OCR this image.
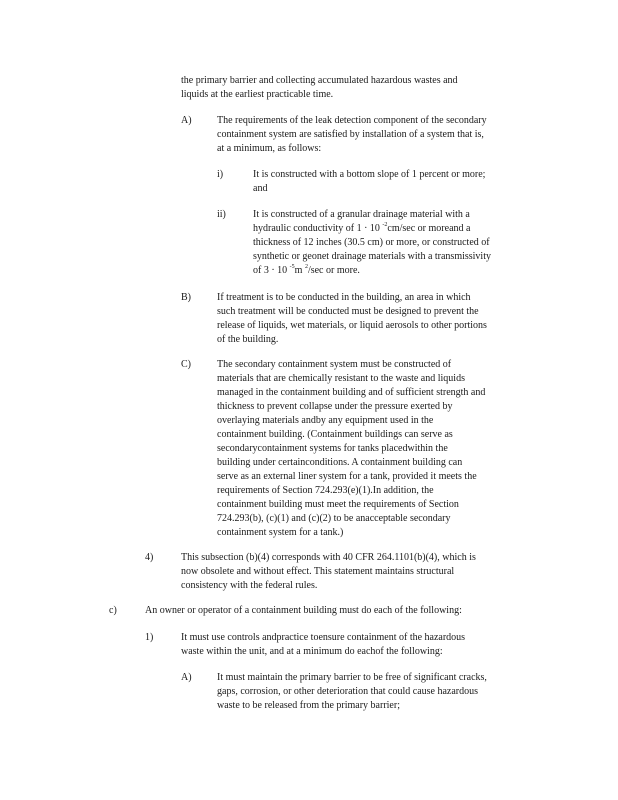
the primary barrier and collecting accumulated hazardous wastes and
liquids at the earliest practicable time.
A)	The requirements of the leak detection component of the secondary
containment system are satisfied by installation of a system that is,
at a minimum, as follows:
i)	It is constructed with a bottom slope of 1 percent or more;
and
ii)	It is constructed of a granular drainage material with a
hydraulic conductivity of 1 · 10 $^{-2}$cm/sec or moreand a
thickness of 12 inches (30.5 cm) or more, or constructed of
synthetic or geonet drainage materials with a transmissivity
of 3 · 10 $^{-5}$m $^2$/sec or more.
B)	If treatment is to be conducted in the building, an area in which
such treatment will be conducted must be designed to prevent the
release of liquids, wet materials, or liquid aerosols to other portions
of the building.
C)	The secondary containment system must be constructed of
materials that are chemically resistant to the waste and liquids
managed in the containment building and of sufficient strength and
thickness to prevent collapse under the pressure exerted by
overlaying materials andby any equipment used in the
containment building. (Containment buildings can serve as
secondarycontainment systems for tanks placedwithin the
building under certainconditions. A containment building can
serve as an external liner system for a tank, provided it meets the
requirements of Section 724.293(e)(1).In addition, the
containment building must meet the requirements of Section
724.293(b), (c)(1) and (c)(2) to be anacceptable secondary
containment system for a tank.)
4)	This subsection (b)(4) corresponds with 40 CFR 264.1101(b)(4), which is
now obsolete and without effect. This statement maintains structural
consistency with the federal rules.
c)	An owner or operator of a containment building must do each of the following:
1)	It must use controls andpractice toensure containment of the hazardous
waste within the unit, and at a minimum do eachof the following:
A)	It must maintain the primary barrier to be free of significant cracks,
gaps, corrosion, or other deterioration that could cause hazardous
waste to be released from the primary barrier;
